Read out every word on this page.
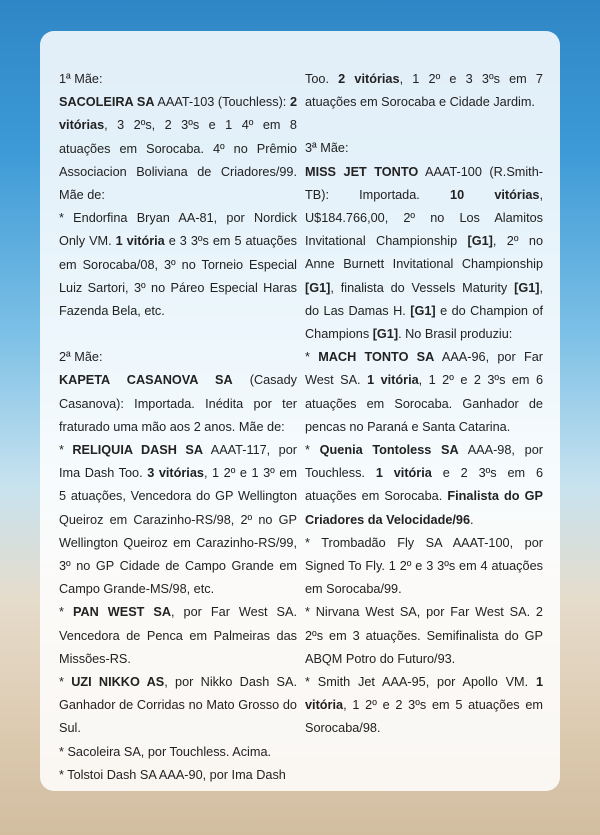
1ª Mãe:

SACOLEIRA SA AAAT-103 (Touchless): 2 vitórias, 3 2ºs, 2 3ºs e 1 4º em 8 atuações em Sorocaba. 4º no Prêmio Associacion Boliviana de Criadores/99. Mãe de:

* Endorfina Bryan AA-81, por Nordick Only VM. 1 vitória e 3 3ºs em 5 atuações em Sorocaba/08, 3º no Torneio Especial Luiz Sartori, 3º no Páreo Especial Haras Fazenda Bela, etc.

2ª Mãe:

KAPETA CASANOVA SA (Casady Casanova): Importada. Inédita por ter fraturado uma mão aos 2 anos. Mãe de:

* RELIQUIA DASH SA AAAT-117, por Ima Dash Too. 3 vitórias, 1 2º e 1 3º em 5 atuações, Vencedora do GP Wellington Queiroz em Carazinho-RS/98, 2º no GP Wellington Queiroz em Carazinho-RS/99, 3º no GP Cidade de Campo Grande em Campo Grande-MS/98, etc.

* PAN WEST SA, por Far West SA. Vencedora de Penca em Palmeiras das Missões-RS.

* UZI NIKKO AS, por Nikko Dash SA. Ganhador de Corridas no Mato Grosso do Sul.

* Sacoleira SA, por Touchless. Acima.

* Tolstoi Dash SA AAA-90, por Ima Dash

Too. 2 vitórias, 1 2º e 3 3ºs em 7 atuações em Sorocaba e Cidade Jardim.

3ª Mãe:

MISS JET TONTO AAAT-100 (R.Smith-TB): Importada. 10 vitórias, U$184.766,00, 2º no Los Alamitos Invitational Championship [G1], 2º no Anne Burnett Invitational Championship [G1], finalista do Vessels Maturity [G1], do Las Damas H. [G1] e do Champion of Champions [G1]. No Brasil produziu:

* MACH TONTO SA AAA-96, por Far West SA. 1 vitória, 1 2º e 2 3ºs em 6 atuações em Sorocaba. Ganhador de pencas no Paraná e Santa Catarina.

* Quenia Tontoless SA AAA-98, por Touchless. 1 vitória e 2 3ºs em 6 atuações em Sorocaba. Finalista do GP Criadores da Velocidade/96.

* Trombadão Fly SA AAAT-100, por Signed To Fly. 1 2º e 3 3ºs em 4 atuações em Sorocaba/99.

* Nirvana West SA, por Far West SA. 2 2ºs em 3 atuações. Semifinalista do GP ABQM Potro do Futuro/93.

* Smith Jet AAA-95, por Apollo VM. 1 vitória, 1 2º e 2 3ºs em 5 atuações em Sorocaba/98.
